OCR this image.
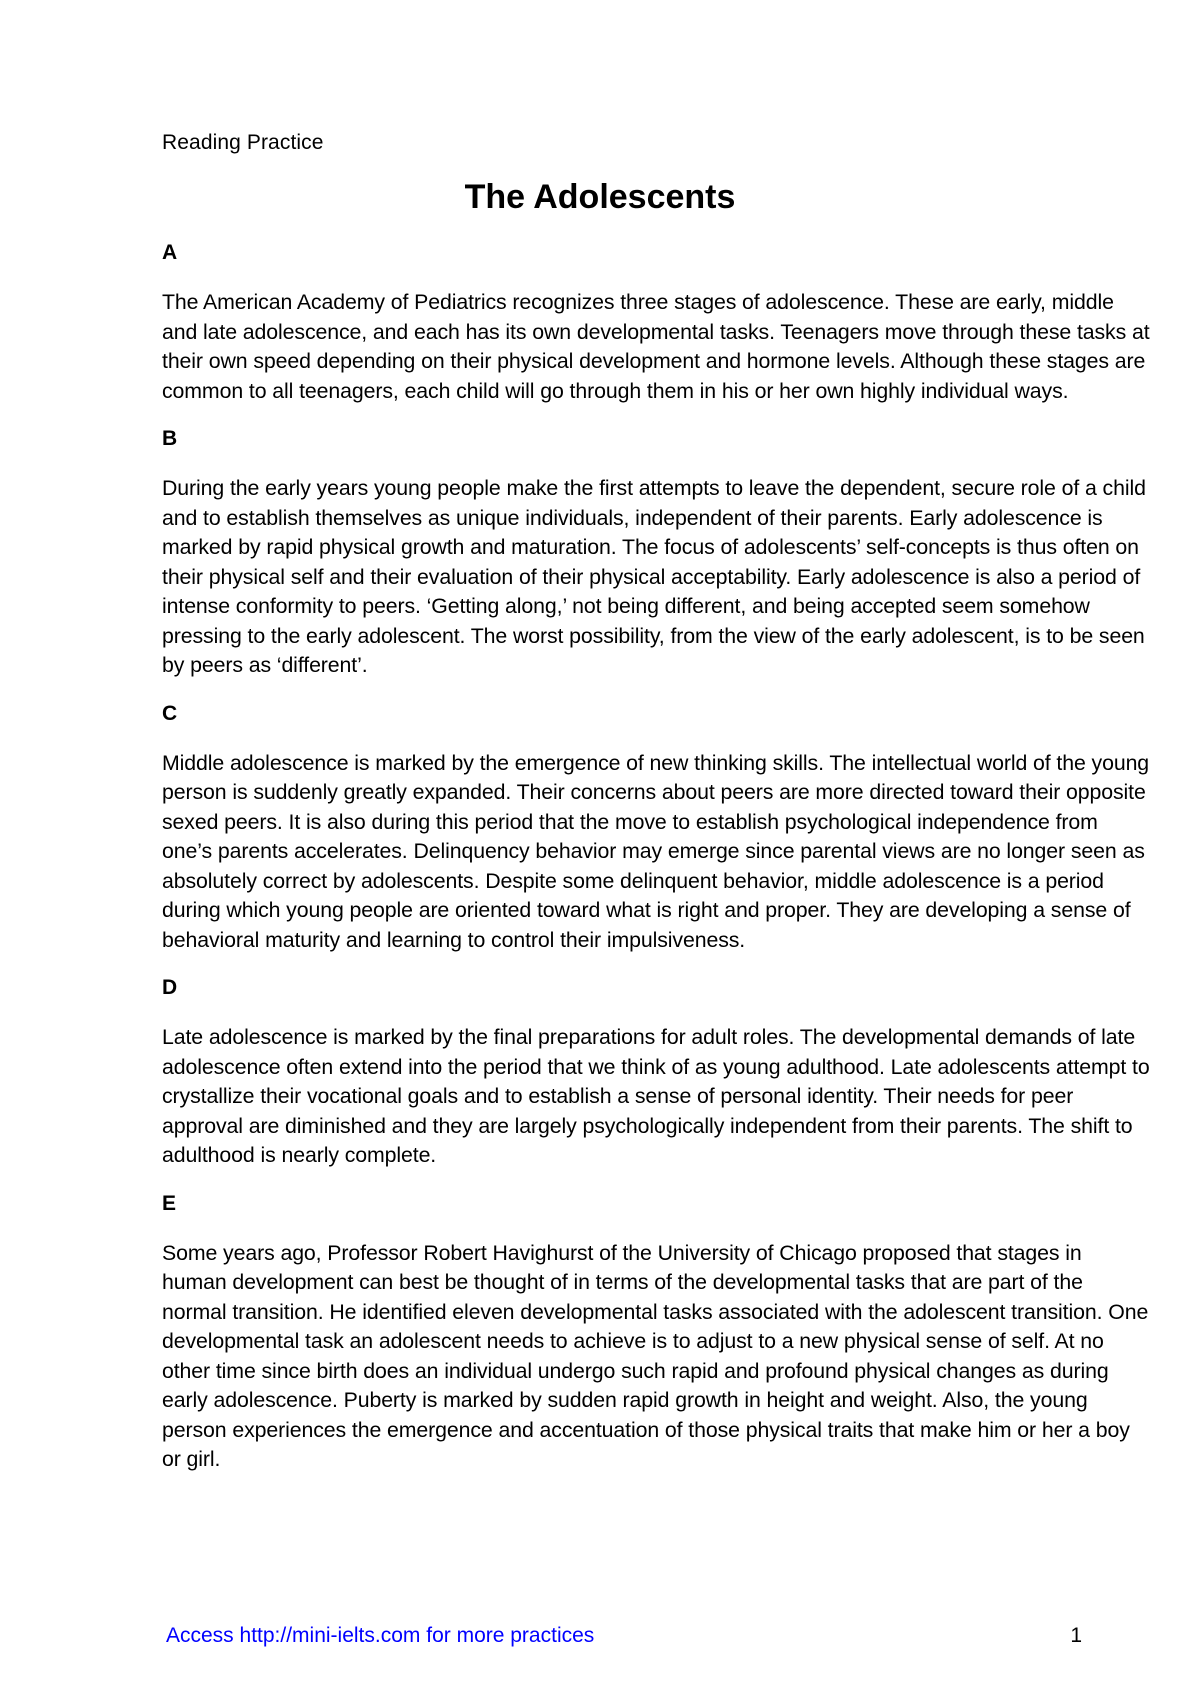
Reading Practice
The Adolescents

A

The American Academy of Pediatrics recognizes three stages of adolescence. These are early, middle and late adolescence, and each has its own developmental tasks. Teenagers move through these tasks at their own speed depending on their physical development and hormone levels. Although these stages are common to all teenagers, each child will go through them in his or her own highly individual ways.

B

During the early years young people make the first attempts to leave the dependent, secure role of a child and to establish themselves as unique individuals, independent of their parents. Early adolescence is marked by rapid physical growth and maturation. The focus of adolescents’ self-concepts is thus often on their physical self and their evaluation of their physical acceptability. Early adolescence is also a period of intense conformity to peers. ‘Getting along,’ not being different, and being accepted seem somehow pressing to the early adolescent. The worst possibility, from the view of the early adolescent, is to be seen by peers as ‘different’.

C

Middle adolescence is marked by the emergence of new thinking skills. The intellectual world of the young person is suddenly greatly expanded. Their concerns about peers are more directed toward their opposite sexed peers. It is also during this period that the move to establish psychological independence from one’s parents accelerates. Delinquency behavior may emerge since parental views are no longer seen as absolutely correct by adolescents. Despite some delinquent behavior, middle adolescence is a period during which young people are oriented toward what is right and proper. They are developing a sense of behavioral maturity and learning to control their impulsiveness.

D

Late adolescence is marked by the final preparations for adult roles. The developmental demands of late adolescence often extend into the period that we think of as young adulthood. Late adolescents attempt to crystallize their vocational goals and to establish a sense of personal identity. Their needs for peer approval are diminished and they are largely psychologically independent from their parents. The shift to adulthood is nearly complete.

E

Some years ago, Professor Robert Havighurst of the University of Chicago proposed that stages in human development can best be thought of in terms of the developmental tasks that are part of the normal transition. He identified eleven developmental tasks associated with the adolescent transition. One developmental task an adolescent needs to achieve is to adjust to a new physical sense of self. At no other time since birth does an individual undergo such rapid and profound physical changes as during early adolescence. Puberty is marked by sudden rapid growth in height and weight. Also, the young person experiences the emergence and accentuation of those physical traits that make him or her a boy or girl.

Access http://mini-ielts.com for more practices	1
